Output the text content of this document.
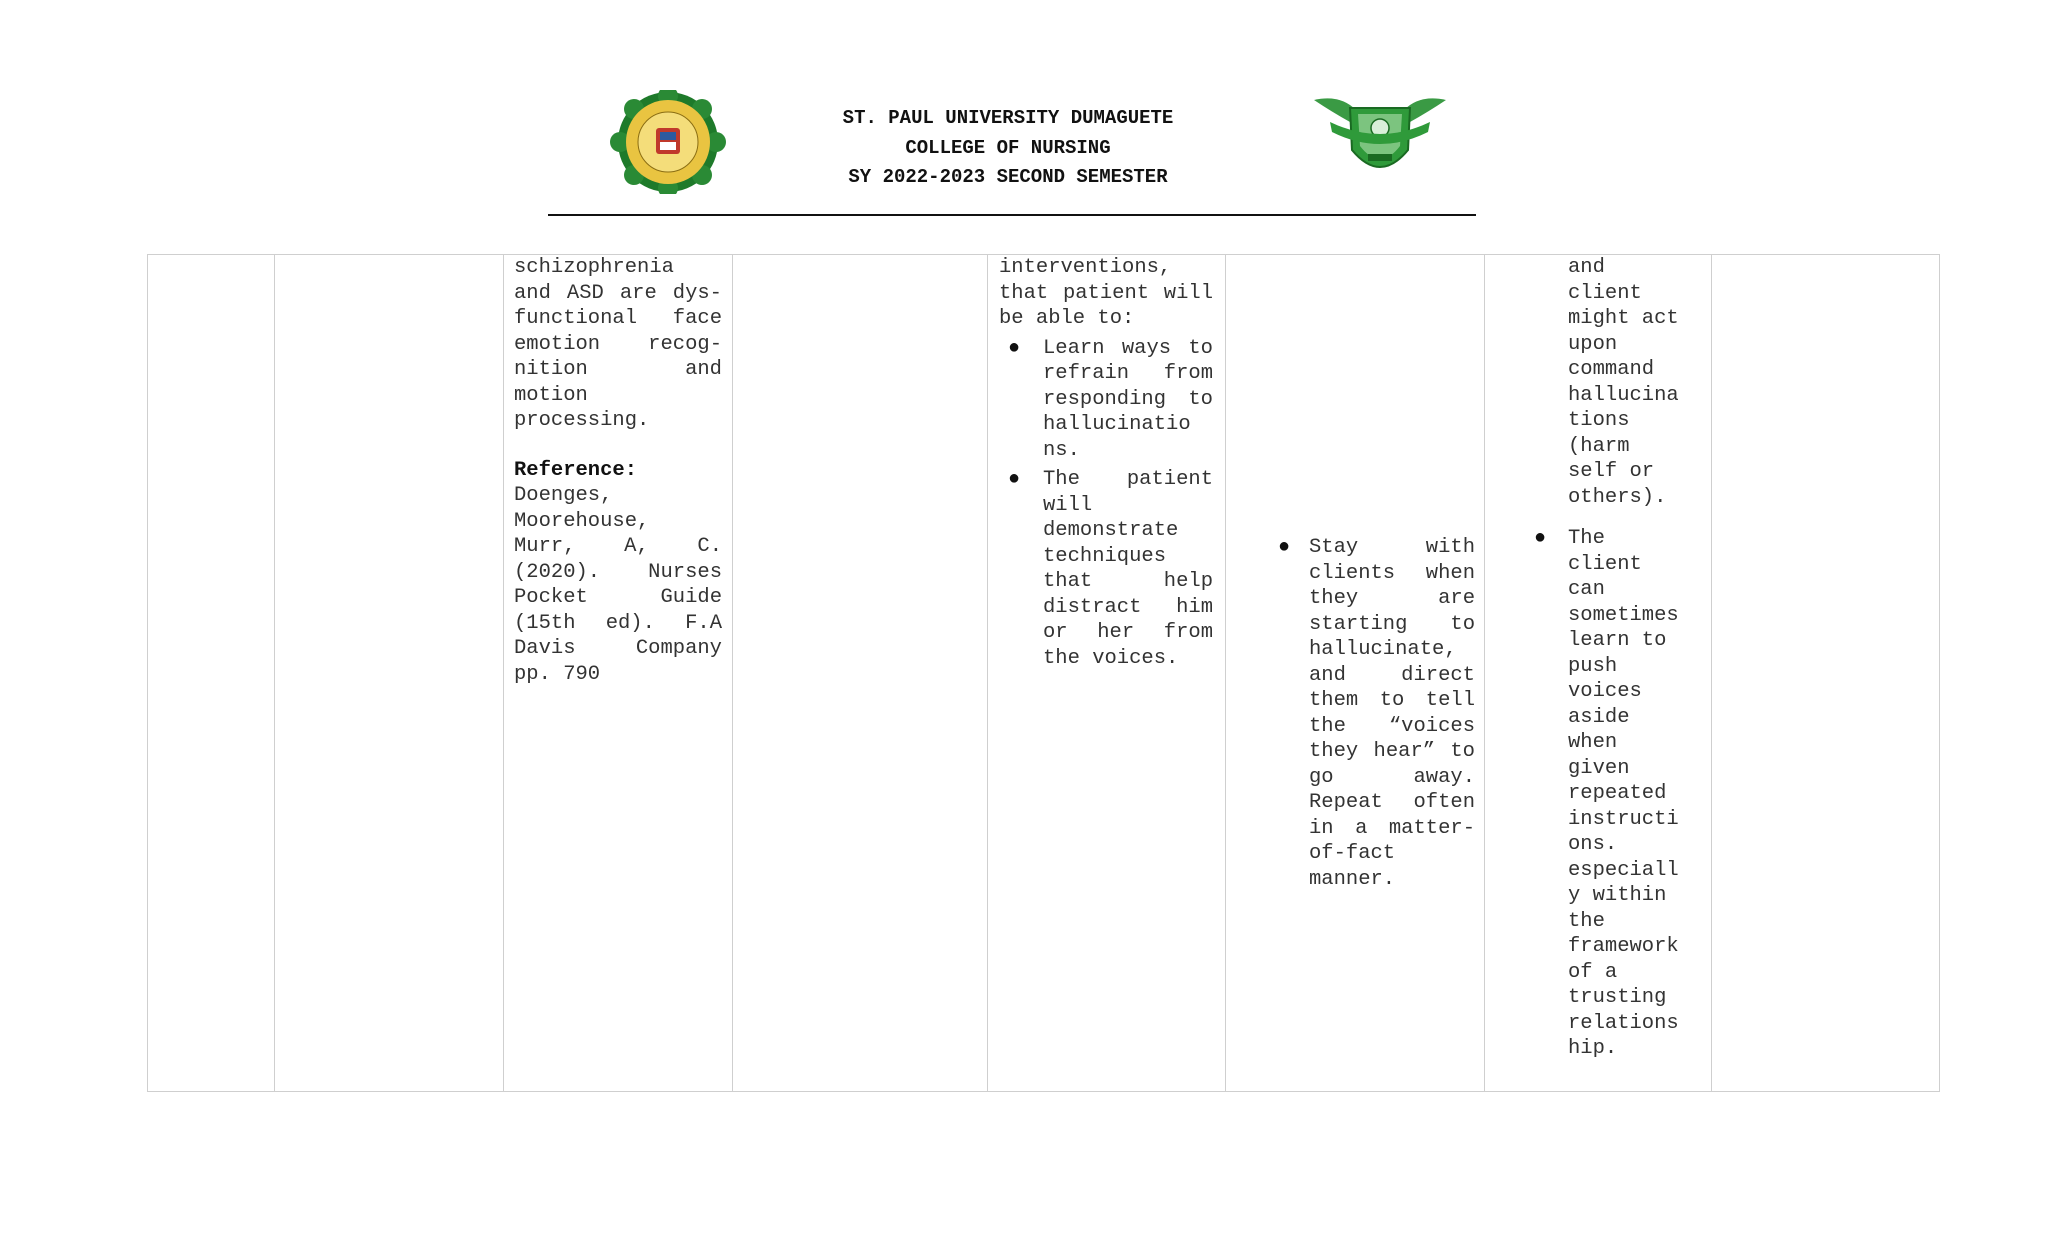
ST. PAUL UNIVERSITY DUMAGUETE
COLLEGE OF NURSING
SY 2022-2023 SECOND SEMESTER

schizophrenia and ASD are dys-functional face emotion recog-nition and motion processing.

Reference:

Doenges, Moorehouse, Murr, A, C. (2020). Nurses Pocket Guide (15th ed). F.A Davis Company pp. 790

interventions, that patient will be able to:

● Learn ways to refrain from responding to hallucinatio ns.
● The patient will demonstrate techniques that help distract him or her from the voices.
● Stay with clients when they are starting to hallucinate, and direct them to tell the “voices they hear” to go away. Repeat often in a matter-of-fact manner.
and
client
might act
upon
command
hallucina
tions
(harm
self or
others).
● The
client
can
sometimes
learn to
push
voices
aside
when
given
repeated
instructi
ons.
especiall
y within
the
framework
of a
trusting
relations
hip.
